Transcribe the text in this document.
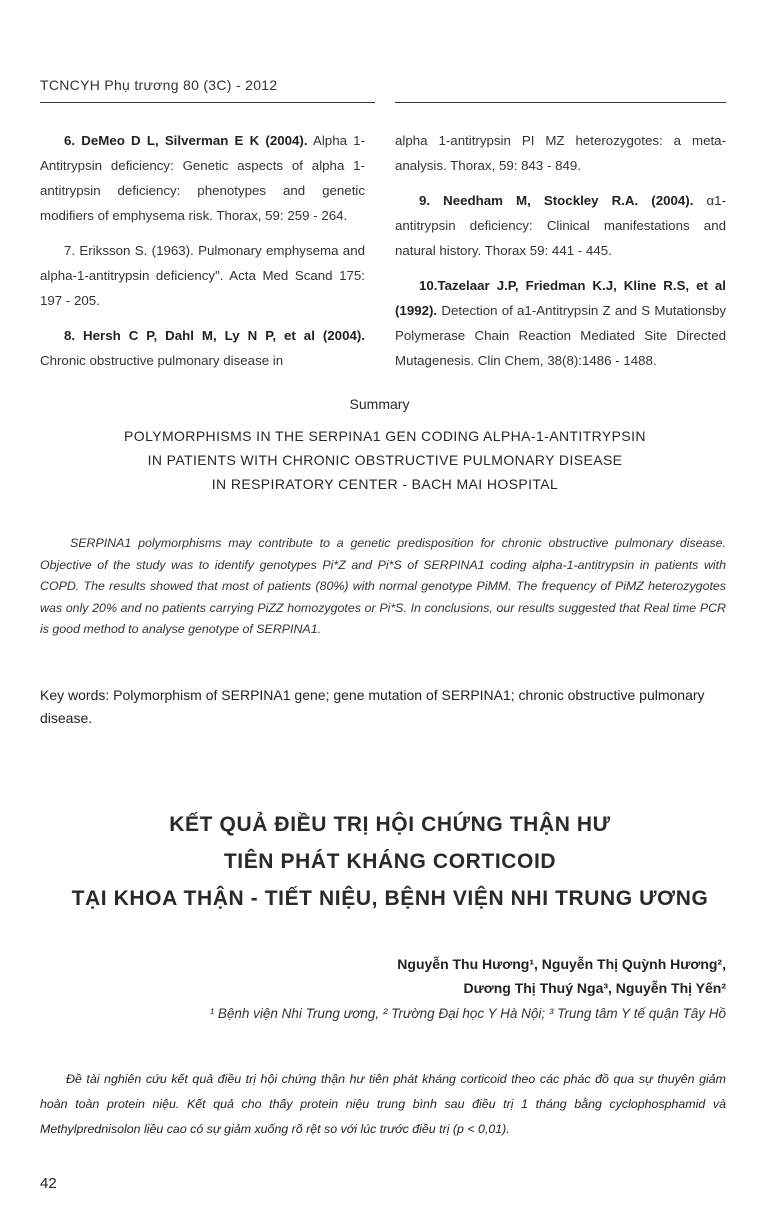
TCNCYH Phụ trương 80 (3C) - 2012

6. DeMeo D L, Silverman E K (2004). Alpha 1-Antitrypsin deficiency: Genetic aspects of alpha 1- antitrypsin deficiency: phenotypes and genetic modifiers of emphysema risk. Thorax, 59: 259 - 264.

7. Eriksson S. (1963). Pulmonary emphysema and alpha-1-antitrypsin deficiency". Acta Med Scand 175: 197 - 205.

8. Hersh C P, Dahl M, Ly N P, et al (2004). Chronic obstructive pulmonary disease in

alpha 1-antitrypsin PI MZ heterozygotes: a meta-analysis. Thorax, 59: 843 - 849.

9. Needham M, Stockley R.A. (2004). α1-antitrypsin deficiency: Clinical manifestations and natural history. Thorax 59: 441 - 445.

10.Tazelaar J.P, Friedman K.J, Kline R.S, et al (1992). Detection of a1-Antitrypsin Z and S Mutationsby Polymerase Chain Reaction Mediated Site Directed Mutagenesis. Clin Chem, 38(8):1486 - 1488.

Summary
POLYMORPHISMS IN THE SERPINA1 GEN CODING ALPHA-1-ANTITRYPSIN
IN PATIENTS WITH CHRONIC OBSTRUCTIVE PULMONARY DISEASE
IN RESPIRATORY CENTER - BACH MAI HOSPITAL
SERPINA1 polymorphisms may contribute to a genetic predisposition for chronic obstructive pulmonary disease. Objective of the study was to identify genotypes Pi*Z and Pi*S of SERPINA1 coding alpha-1-antitrypsin in patients with COPD. The results showed that most of patients (80%) with normal genotype PiMM. The frequency of PiMZ heterozygotes was only 20% and no patients carrying PiZZ homozygotes or Pi*S. In conclusions, our results suggested that Real time PCR is good method to analyse genotype of SERPINA1.
Key words: Polymorphism of SERPINA1 gene; gene mutation of SERPINA1; chronic obstructive pulmonary disease.
KẾT QUẢ ĐIỀU TRỊ HỘI CHỨNG THẬN HƯ
TIÊN PHÁT KHÁNG CORTICOID
TẠI KHOA THẬN - TIẾT NIỆU, BỆNH VIỆN NHI TRUNG ƯƠNG
Nguyễn Thu Hương¹, Nguyễn Thị Quỳnh Hương²,
Dương Thị Thuý Nga³, Nguyễn Thị Yến²
¹ Bệnh viện Nhi Trung ương, ² Trường Đại học Y Hà Nội; ³ Trung tâm Y tế quận Tây Hồ
Đề tài nghiên cứu kết quả điều trị hội chứng thận hư tiên phát kháng corticoid theo các phác đồ qua sự thuyên giảm hoàn toàn protein niệu. Kết quả cho thấy protein niệu trung bình sau điều trị 1 tháng bằng cyclophosphamid và Methylprednisolon liều cao có sự giảm xuống rõ rệt so với lúc trước điều trị (p < 0,01).
42
